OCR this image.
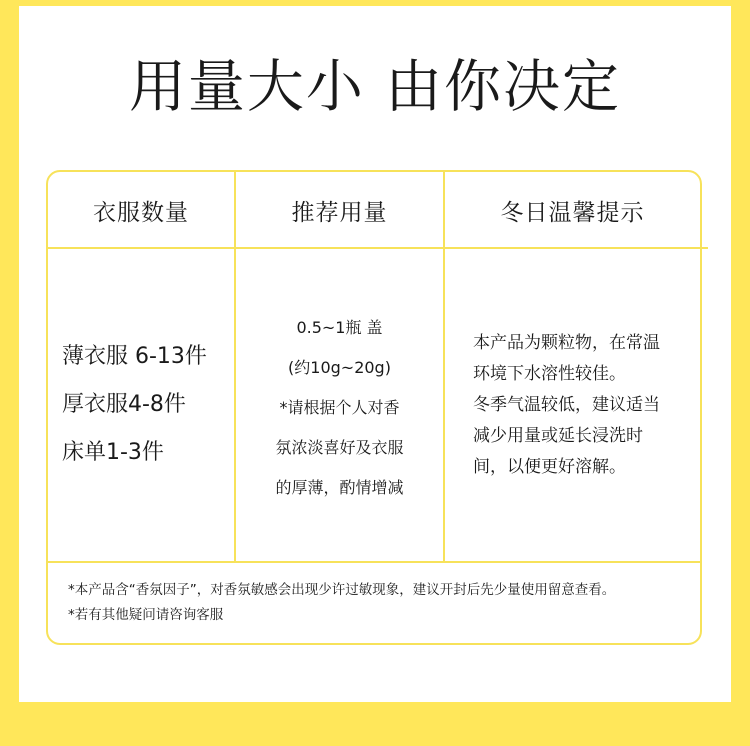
用量大小 由你决定
衣服数量	推荐用量	冬日温馨提示
薄衣服 6-13件
厚衣服4-8件
床单1-3件
0.5~1瓶 盖
(约10g~20g)
*请根据个人对香
氛浓淡喜好及衣服
的厚薄，酌情增减
本产品为颗粒物，在常温
环境下水溶性较佳。
冬季气温较低，建议适当
减少用量或延长浸洗时
间，以便更好溶解。
*本产品含“香氛因子”，对香氛敏感会出现少许过敏现象，建议开封后先少量使用留意查看。
*若有其他疑问请咨询客服
